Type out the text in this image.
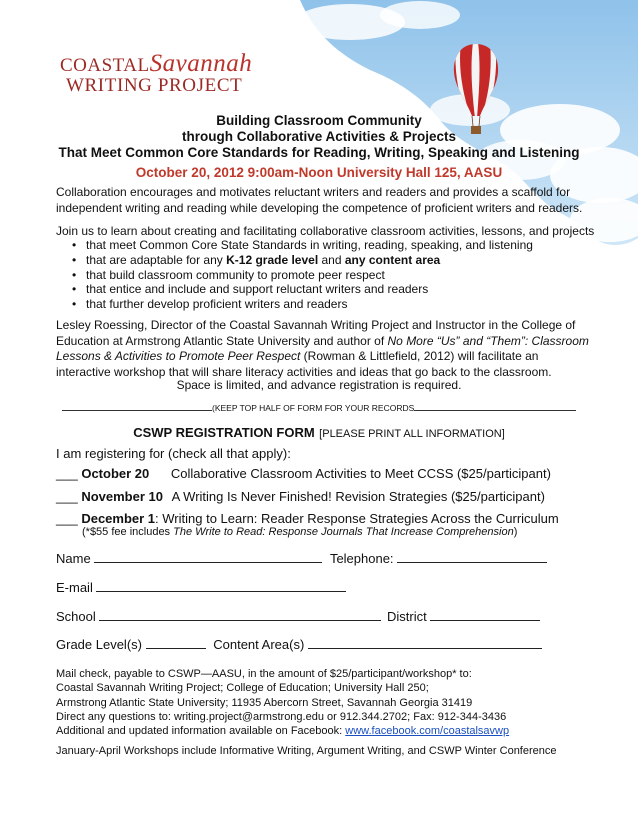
COASTALSavannah
WRITING PROJECT
Building Classroom Community
through Collaborative Activities & Projects
That Meet Common Core Standards for Reading, Writing, Speaking and Listening
October 20, 2012 9:00am-Noon University Hall 125, AASU
Collaboration encourages and motivates reluctant writers and readers and provides a scaffold for independent writing and reading while developing the competence of proficient writers and readers.
Join us to learn about creating and facilitating collaborative classroom activities, lessons, and projects
• that meet Common Core State Standards in writing, reading, speaking, and listening
• that are adaptable for any K-12 grade level and any content area
• that build classroom community to promote peer respect
• that entice and include and support reluctant writers and readers
• that further develop proficient writers and readers
Lesley Roessing, Director of the Coastal Savannah Writing Project and Instructor in the College of Education at Armstrong Atlantic State University and author of No More “Us” and “Them”: Classroom Lessons & Activities to Promote Peer Respect (Rowman & Littlefield, 2012) will facilitate an interactive workshop that will share literacy activities and ideas that go back to the classroom.
Space is limited, and advance registration is required.
(KEEP TOP HALF OF FORM FOR YOUR RECORDS
CSWP REGISTRATION FORM [PLEASE PRINT ALL INFORMATION]
I am registering for (check all that apply):
___ October 20 Collaborative Classroom Activities to Meet CCSS ($25/participant)
___ November 10 A Writing Is Never Finished! Revision Strategies ($25/participant)
___ December 1: Writing to Learn: Reader Response Strategies Across the Curriculum
(*$55 fee includes The Write to Read: Response Journals That Increase Comprehension)
Name	Telephone:
E-mail
School	District
Grade Level(s)	Content Area(s)
Mail check, payable to CSWP—AASU, in the amount of $25/participant/workshop* to:
Coastal Savannah Writing Project; College of Education; University Hall 250;
Armstrong Atlantic State University; 11935 Abercorn Street, Savannah Georgia 31419
Direct any questions to: writing.project@armstrong.edu or 912.344.2702; Fax: 912-344-3436
Additional and updated information available on Facebook: www.facebook.com/coastalsavwp
January-April Workshops include Informative Writing, Argument Writing, and CSWP Winter Conference
